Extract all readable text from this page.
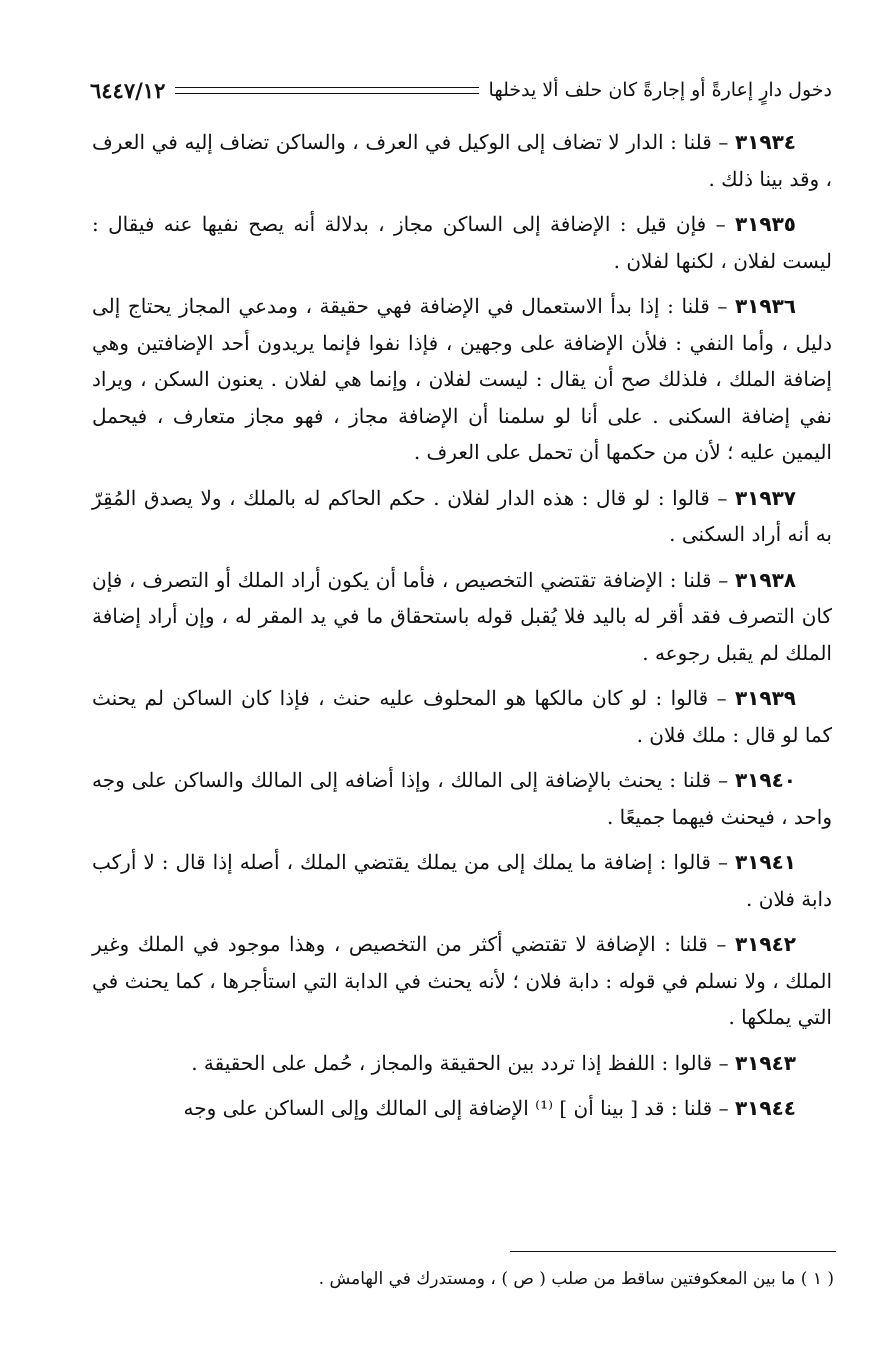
دخول دارٍ إعارةً أو إجارةً كان حلف ألا يدخلها
٦٤٤٧/١٢

٣١٩٣٤ – قلنا : الدار لا تضاف إلى الوكيل في العرف ، والساكن تضاف إليه في العرف ، وقد بينا ذلك .

٣١٩٣٥ – فإن قيل : الإضافة إلى الساكن مجاز ، بدلالة أنه يصح نفيها عنه فيقال : ليست لفلان ، لكنها لفلان .

٣١٩٣٦ – قلنا : إذا بدأ الاستعمال في الإضافة فهي حقيقة ، ومدعي المجاز يحتاج إلى دليل ، وأما النفي : فلأن الإضافة على وجهين ، فإذا نفوا فإنما يريدون أحد الإضافتين وهي إضافة الملك ، فلذلك صح أن يقال : ليست لفلان ، وإنما هي لفلان . يعنون السكن ، ويراد نفي إضافة السكنى . على أنا لو سلمنا أن الإضافة مجاز ، فهو مجاز متعارف ، فيحمل اليمين عليه ؛ لأن من حكمها أن تحمل على العرف .

٣١٩٣٧ – قالوا : لو قال : هذه الدار لفلان . حكم الحاكم له بالملك ، ولا يصدق المُقِرّ به أنه أراد السكنى .

٣١٩٣٨ – قلنا : الإضافة تقتضي التخصيص ، فأما أن يكون أراد الملك أو التصرف ، فإن كان التصرف فقد أقر له باليد فلا يُقبل قوله باستحقاق ما في يد المقر له ، وإن أراد إضافة الملك لم يقبل رجوعه .

٣١٩٣٩ – قالوا : لو كان مالكها هو المحلوف عليه حنث ، فإذا كان الساكن لم يحنث كما لو قال : ملك فلان .

٣١٩٤٠ – قلنا : يحنث بالإضافة إلى المالك ، وإذا أضافه إلى المالك والساكن على وجه واحد ، فيحنث فيهما جميعًا .

٣١٩٤١ – قالوا : إضافة ما يملك إلى من يملك يقتضي الملك ، أصله إذا قال : لا أركب دابة فلان .

٣١٩٤٢ – قلنا : الإضافة لا تقتضي أكثر من التخصيص ، وهذا موجود في الملك وغير الملك ، ولا نسلم في قوله : دابة فلان ؛ لأنه يحنث في الدابة التي استأجرها ، كما يحنث في التي يملكها .

٣١٩٤٣ – قالوا : اللفظ إذا تردد بين الحقيقة والمجاز ، حُمل على الحقيقة .

٣١٩٤٤ – قلنا : قد [ بينا أن ] ⁽¹⁾ الإضافة إلى المالك وإلى الساكن على وجه

( ١ ) ما بين المعكوفتين ساقط من صلب ( ص ) ، ومستدرك في الهامش .
